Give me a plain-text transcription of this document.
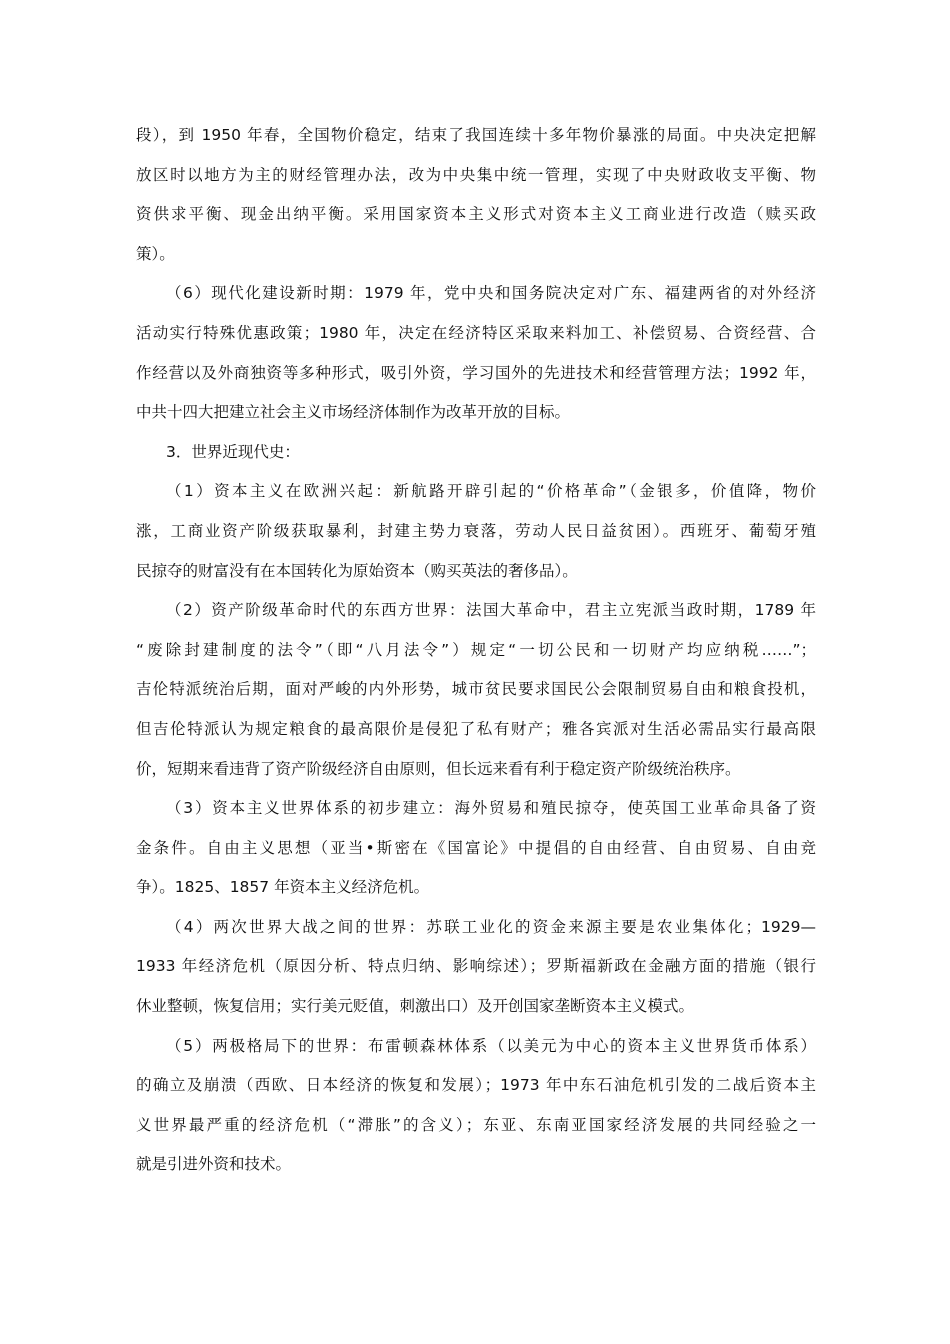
段），到 1950 年春，全国物价稳定，结束了我国连续十多年物价暴涨的局面。中央决定把解
放区时以地方为主的财经管理办法，改为中央集中统一管理，实现了中央财政收支平衡、物
资供求平衡、现金出纳平衡。采用国家资本主义形式对资本主义工商业进行改造（赎买政
策）。
（6）现代化建设新时期：1979 年，党中央和国务院决定对广东、福建两省的对外经济
活动实行特殊优惠政策；1980 年，决定在经济特区采取来料加工、补偿贸易、合资经营、合
作经营以及外商独资等多种形式，吸引外资，学习国外的先进技术和经营管理方法；1992 年，
中共十四大把建立社会主义市场经济体制作为改革开放的目标。
3．世界近现代史：
（1）资本主义在欧洲兴起：新航路开辟引起的“价格革命”（金银多，价值降，物价
涨，工商业资产阶级获取暴利，封建主势力衰落，劳动人民日益贫困）。西班牙、葡萄牙殖
民掠夺的财富没有在本国转化为原始资本（购买英法的奢侈品）。
（2）资产阶级革命时代的东西方世界：法国大革命中，君主立宪派当政时期，1789 年
“废除封建制度的法令”（即“八月法令”）规定“一切公民和一切财产均应纳税……”；
吉伦特派统治后期，面对严峻的内外形势，城市贫民要求国民公会限制贸易自由和粮食投机，
但吉伦特派认为规定粮食的最高限价是侵犯了私有财产；雅各宾派对生活必需品实行最高限
价，短期来看违背了资产阶级经济自由原则，但长远来看有利于稳定资产阶级统治秩序。
（3）资本主义世界体系的初步建立：海外贸易和殖民掠夺，使英国工业革命具备了资
金条件。自由主义思想（亚当•斯密在《国富论》中提倡的自由经营、自由贸易、自由竞
争）。1825、1857 年资本主义经济危机。
（4）两次世界大战之间的世界：苏联工业化的资金来源主要是农业集体化；1929—
1933 年经济危机（原因分析、特点归纳、影响综述）；罗斯福新政在金融方面的措施（银行
休业整顿，恢复信用；实行美元贬值，刺激出口）及开创国家垄断资本主义模式。
（5）两极格局下的世界：布雷顿森林体系（以美元为中心的资本主义世界货币体系）
的确立及崩溃（西欧、日本经济的恢复和发展）；1973 年中东石油危机引发的二战后资本主
义世界最严重的经济危机（“滞胀”的含义）；东亚、东南亚国家经济发展的共同经验之一
就是引进外资和技术。
